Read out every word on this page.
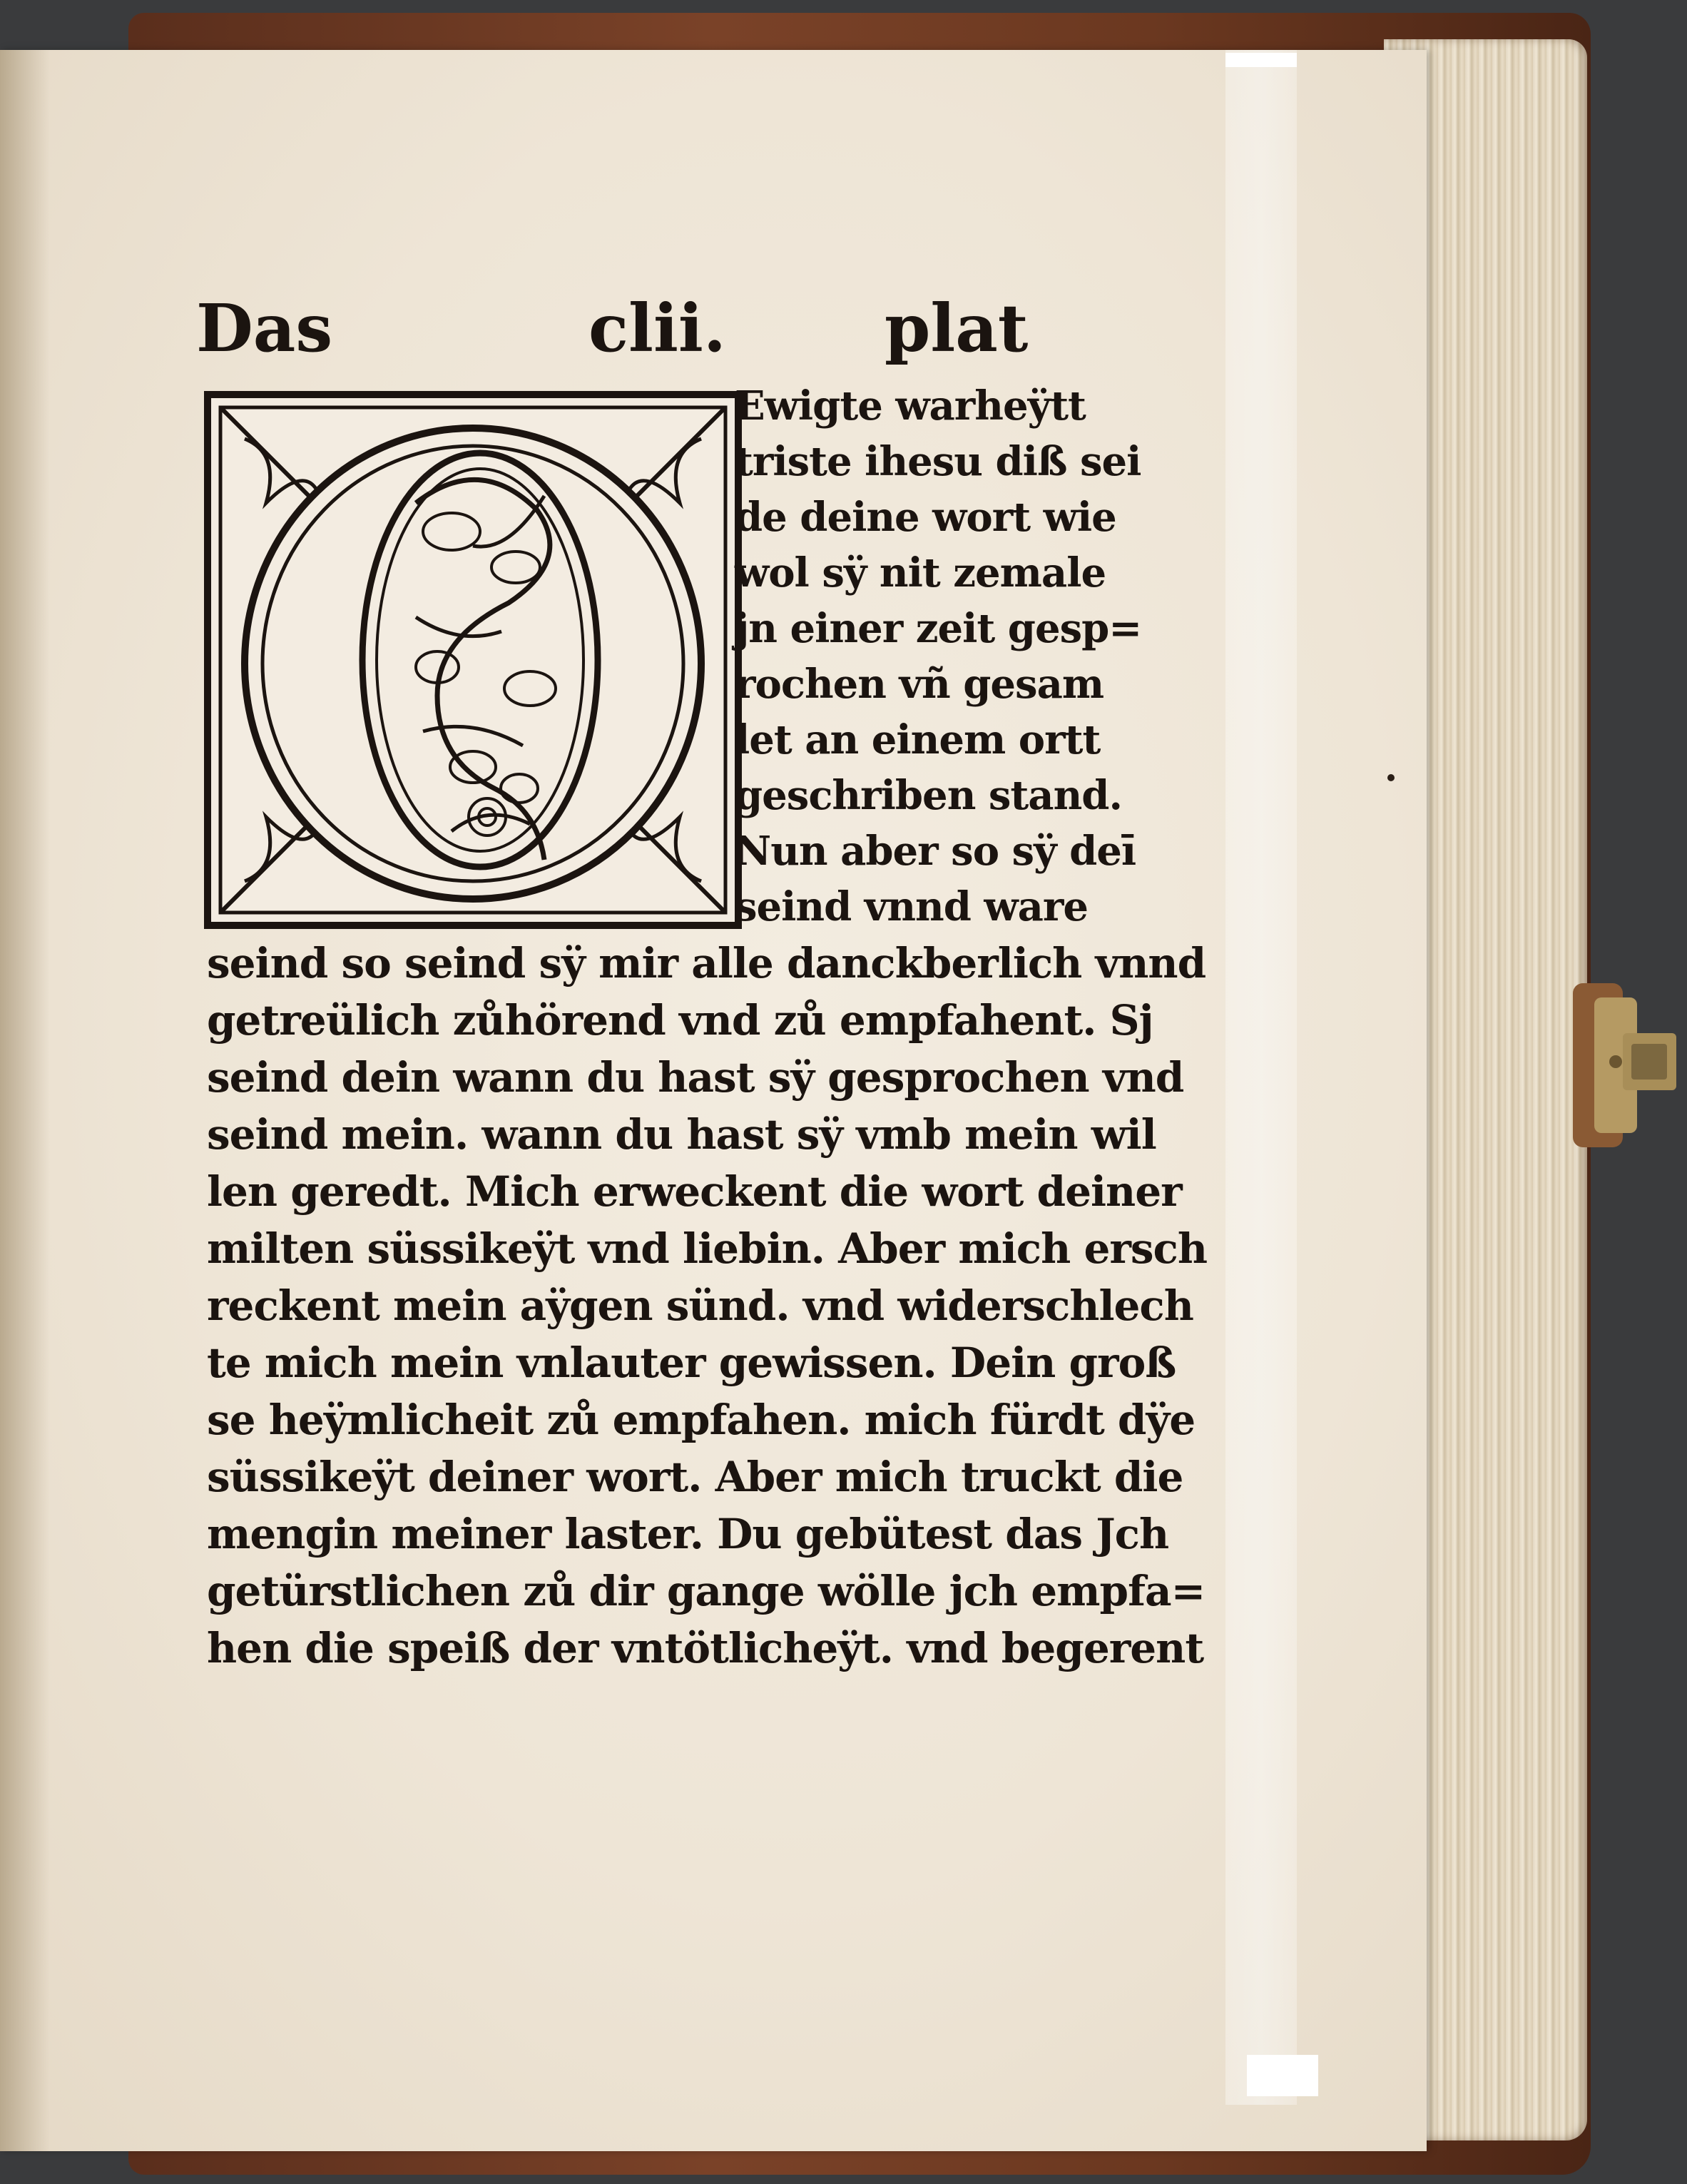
Das	clii. plat
Ewigte warheÿtt
triste ihesu diß sei
de deine wort wie
wol sÿ nit zemale
jn einer zeit gesp=
rochen vñ gesam
let an einem ortt
geschriben stand.
Nun aber so sÿ deī
seind vnnd ware
seind so seind sÿ mir alle danckberlich vnnd
getreülich zůhörend vnd zů empfahent. Sj
seind dein wann du hast sÿ gesprochen vnd
seind mein. wann du hast sÿ vmb mein wil
len geredt. Mich erweckent die wort deiner
milten süssikeÿt vnd liebin. Aber mich ersch
reckent mein aÿgen sünd. vnd widerschlech
te mich mein vnlauter gewissen. Dein groß
se heÿmlicheit zů empfahen. mich fürdt dÿe
süssikeÿt deiner wort. Aber mich truckt die
mengin meiner laster. Du gebütest das Jch
getürstlichen zů dir gange wölle jch empfa=
hen die speiß der vntötlicheÿt. vnd begerent
